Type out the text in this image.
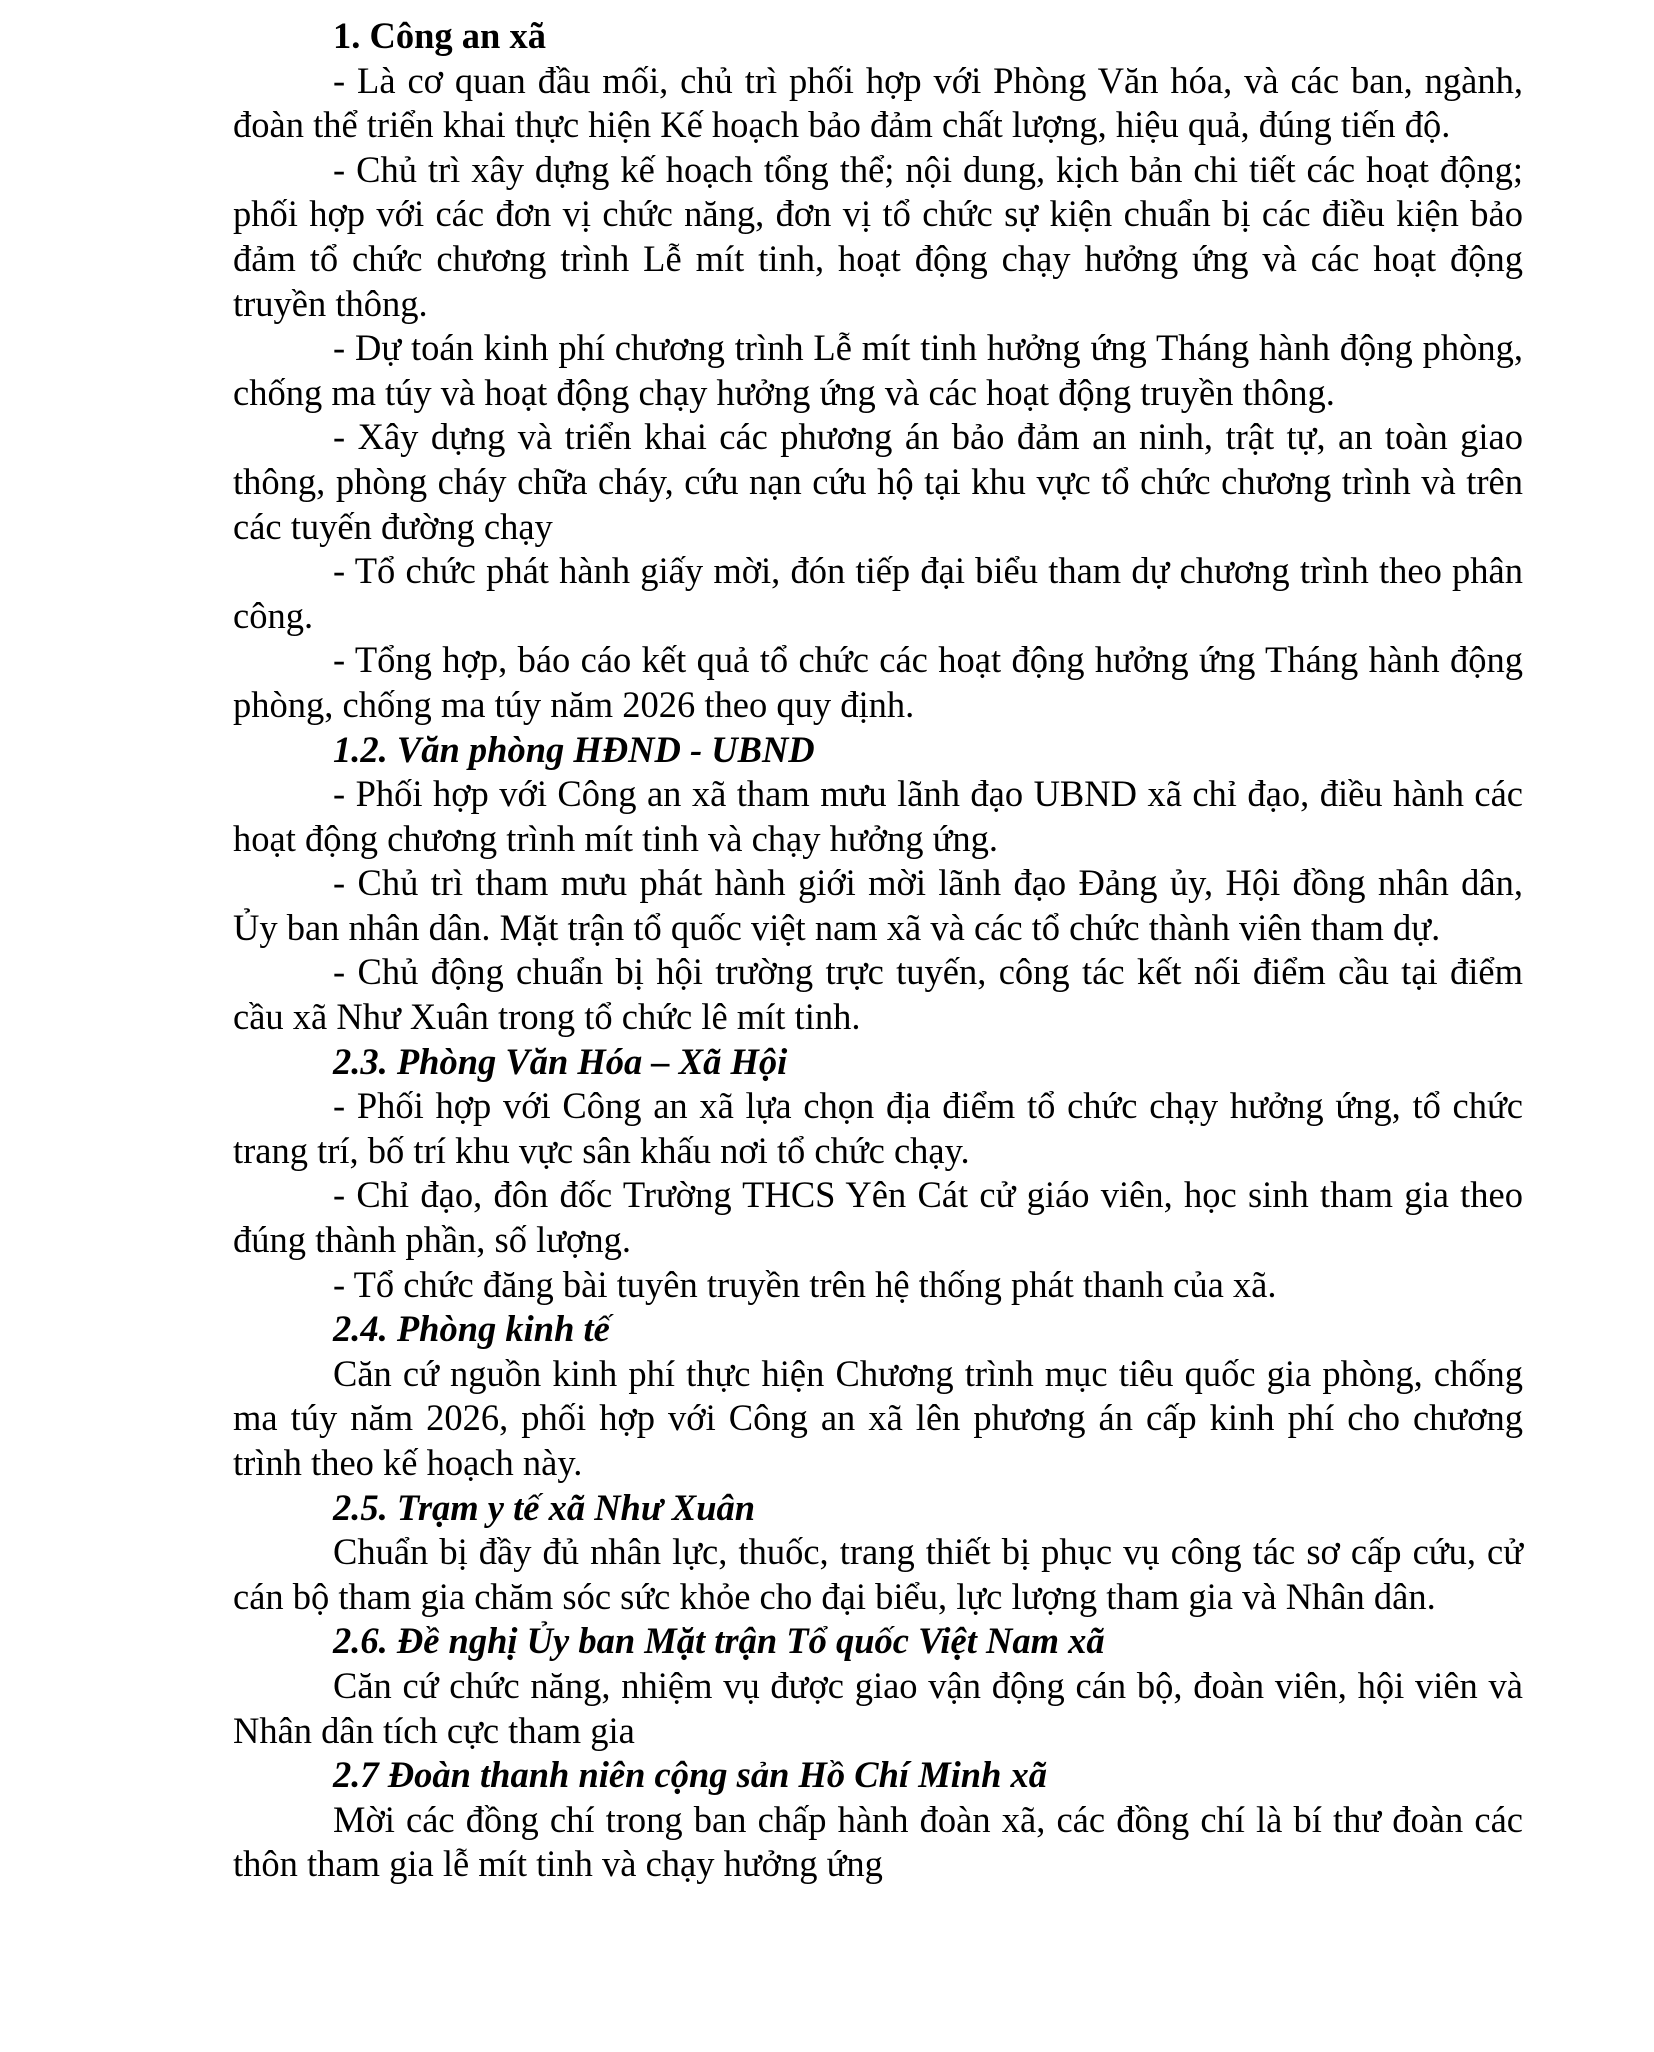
1. Công an xã

- Là cơ quan đầu mối, chủ trì phối hợp với Phòng Văn hóa, và các ban, ngành, đoàn thể triển khai thực hiện Kế hoạch bảo đảm chất lượng, hiệu quả, đúng tiến độ.

- Chủ trì xây dựng kế hoạch tổng thể; nội dung, kịch bản chi tiết các hoạt động; phối hợp với các đơn vị chức năng, đơn vị tổ chức sự kiện chuẩn bị các điều kiện bảo đảm tổ chức chương trình Lễ mít tinh, hoạt động chạy hưởng ứng và các hoạt động truyền thông.

- Dự toán kinh phí chương trình Lễ mít tinh hưởng ứng Tháng hành động phòng, chống ma túy và hoạt động chạy hưởng ứng và các hoạt động truyền thông.

- Xây dựng và triển khai các phương án bảo đảm an ninh, trật tự, an toàn giao thông, phòng cháy chữa cháy, cứu nạn cứu hộ tại khu vực tổ chức chương trình và trên các tuyến đường chạy

- Tổ chức phát hành giấy mời, đón tiếp đại biểu tham dự chương trình theo phân công.

- Tổng hợp, báo cáo kết quả tổ chức các hoạt động hưởng ứng Tháng hành động phòng, chống ma túy năm 2026 theo quy định.

1.2. Văn phòng HĐND - UBND

- Phối hợp với Công an xã tham mưu lãnh đạo UBND xã chỉ đạo, điều hành các hoạt động chương trình mít tinh và chạy hưởng ứng.

- Chủ trì tham mưu phát hành giới mời lãnh đạo Đảng ủy, Hội đồng nhân dân, Ủy ban nhân dân. Mặt trận tổ quốc việt nam xã và các tổ chức thành viên tham dự.

- Chủ động chuẩn bị hội trường trực tuyến, công tác kết nối điểm cầu tại điểm cầu xã Như Xuân trong tổ chức lê mít tinh.

2.3. Phòng Văn Hóa – Xã Hội

- Phối hợp với Công an xã lựa chọn địa điểm tổ chức chạy hưởng ứng, tổ chức trang trí, bố trí khu vực sân khấu nơi tổ chức chạy.

- Chỉ đạo, đôn đốc Trường THCS Yên Cát cử giáo viên, học sinh tham gia theo đúng thành phần, số lượng.

- Tổ chức đăng bài tuyên truyền trên hệ thống phát thanh của xã.

2.4. Phòng kinh tế

Căn cứ nguồn kinh phí thực hiện Chương trình mục tiêu quốc gia phòng, chống ma túy năm 2026, phối hợp với Công an xã lên phương án cấp kinh phí cho chương trình theo kế hoạch này.

2.5. Trạm y tế xã Như Xuân

Chuẩn bị đầy đủ nhân lực, thuốc, trang thiết bị phục vụ công tác sơ cấp cứu, cử cán bộ tham gia chăm sóc sức khỏe cho đại biểu, lực lượng tham gia và Nhân dân.

2.6. Đề nghị Ủy ban Mặt trận Tổ quốc Việt Nam xã

Căn cứ chức năng, nhiệm vụ được giao vận động cán bộ, đoàn viên, hội viên và Nhân dân tích cực tham gia

2.7 Đoàn thanh niên cộng sản Hồ Chí Minh xã

Mời các đồng chí trong ban chấp hành đoàn xã, các đồng chí là bí thư đoàn các thôn tham gia lễ mít tinh và chạy hưởng ứng
